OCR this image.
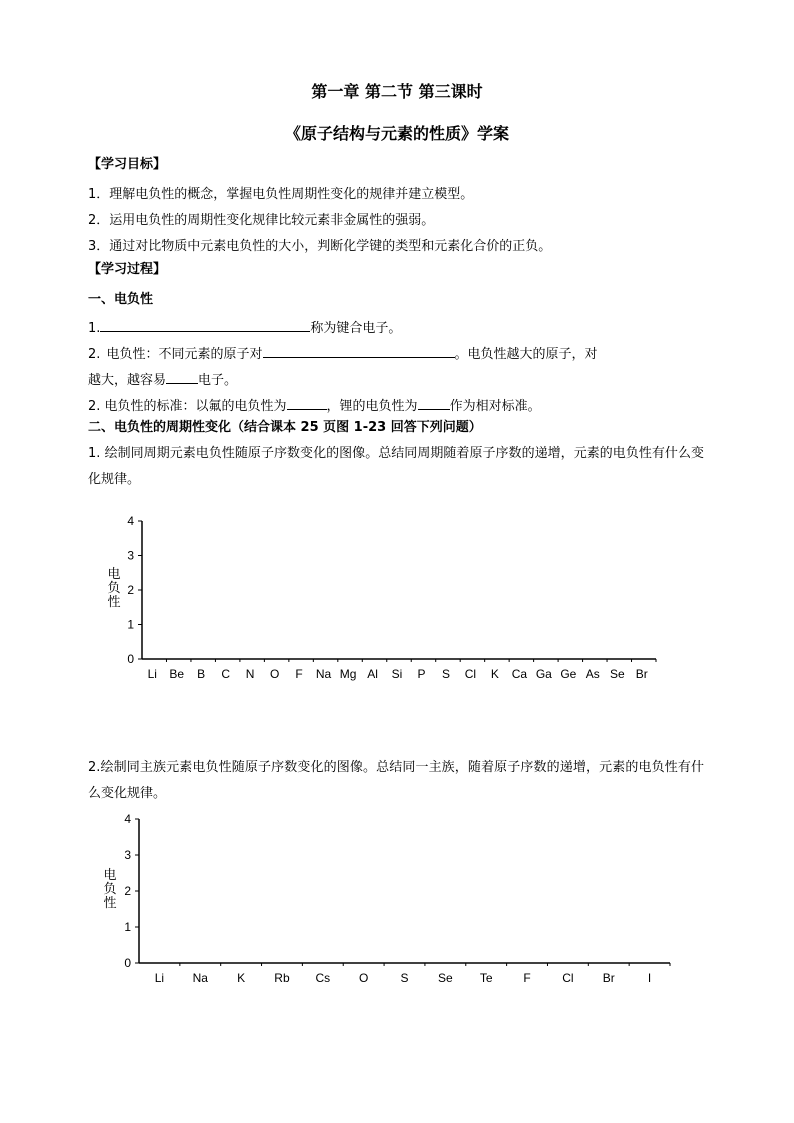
第一章 第二节 第三课时
《原子结构与元素的性质》学案
【学习目标】
1．理解电负性的概念，掌握电负性周期性变化的规律并建立模型。
2．运用电负性的周期性变化规律比较元素非金属性的强弱。
3．通过对比物质中元素电负性的大小，判断化学键的类型和元素化合价的正负。
【学习过程】
一、电负性
1.	称为键合电子。
2. 电负性：不同元素的原子对	。电负性越大的原子，对
越大，越容易 电子。
2. 电负性的标准：以氟的电负性为	，锂的电负性为 作为相对标准。
二、电负性的周期性变化（结合课本 25 页图 1-23 回答下列问题）
1. 绘制同周期元素电负性随原子序数变化的图像。总结同周期随着原子序数的递增，元素的电负性有什么变化规律。
电负性
0
1
2
3
4
Li Be B C N O F Na Mg Al Si P S Cl K Ca Ga Ge As Se Br
2.绘制同主族元素电负性随原子序数变化的图像。总结同一主族，随着原子序数的递增，元素的电负性有什么变化规律。
电负性
0
1
2
3
4
Li Na K Rb Cs O	S Se Te	F	Cl Br	I
